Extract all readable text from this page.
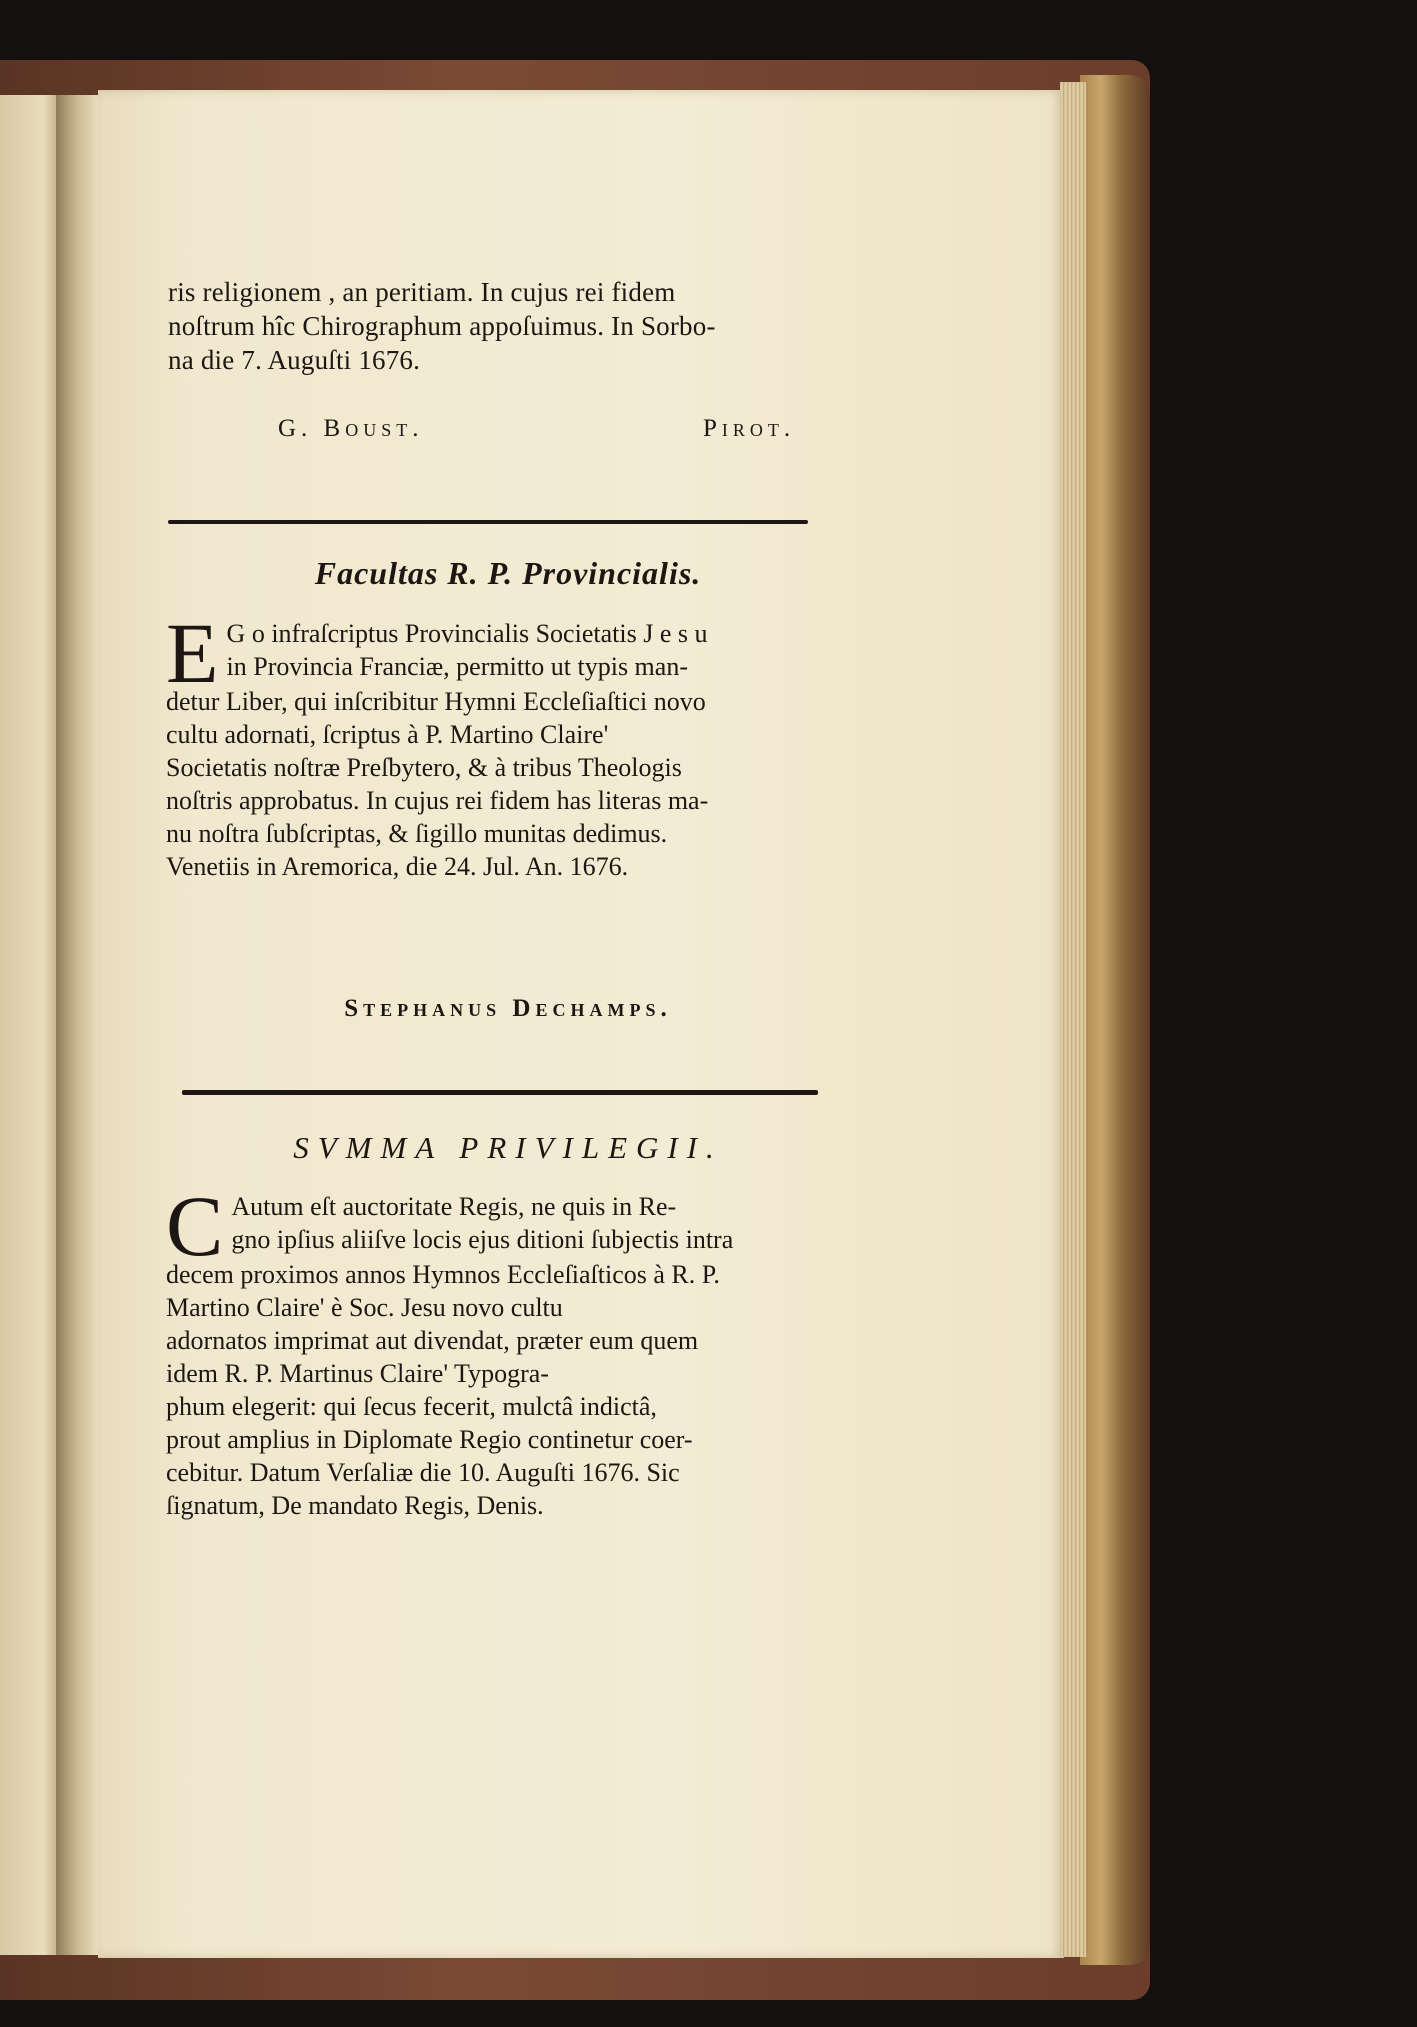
ris religionem , an peritiam. In cujus rei fidem
noſtrum hîc Chirographum appoſuimus. In Sorbo-
na die 7. Auguſti 1676.
G. Boust.	Pirot.
Facultas R. P. Provincialis.
E G o infraſcriptus Provincialis Societatis J e s u
in Provincia Franciæ, permitto ut typis man-
detur Liber, qui inſcribitur Hymni Eccleſiaſtici novo
cultu adornati, ſcriptus à P. Martino Claire'
Societatis noſtræ Preſbytero, & à tribus Theologis
noſtris approbatus. In cujus rei fidem has literas ma-
nu noſtra ſubſcriptas, & ſigillo munitas dedimus.
Venetiis in Aremorica, die 24. Jul. An. 1676.
Stephanus Dechamps.
SVMMA PRIVILEGII.
C Autum eſt auctoritate Regis, ne quis in Re-
gno ipſius aliiſve locis ejus ditioni ſubjectis intra
decem proximos annos Hymnos Eccleſiaſticos à R. P.
Martino Claire' è Soc. Jesu novo cultu
adornatos imprimat aut divendat, præter eum quem
idem R. P. Martinus Claire' Typogra-
phum elegerit: qui ſecus fecerit, mulctâ indictâ,
prout amplius in Diplomate Regio continetur coer-
cebitur. Datum Verſaliæ die 10. Auguſti 1676. Sic
ſignatum, De mandato Regis, Denis.
